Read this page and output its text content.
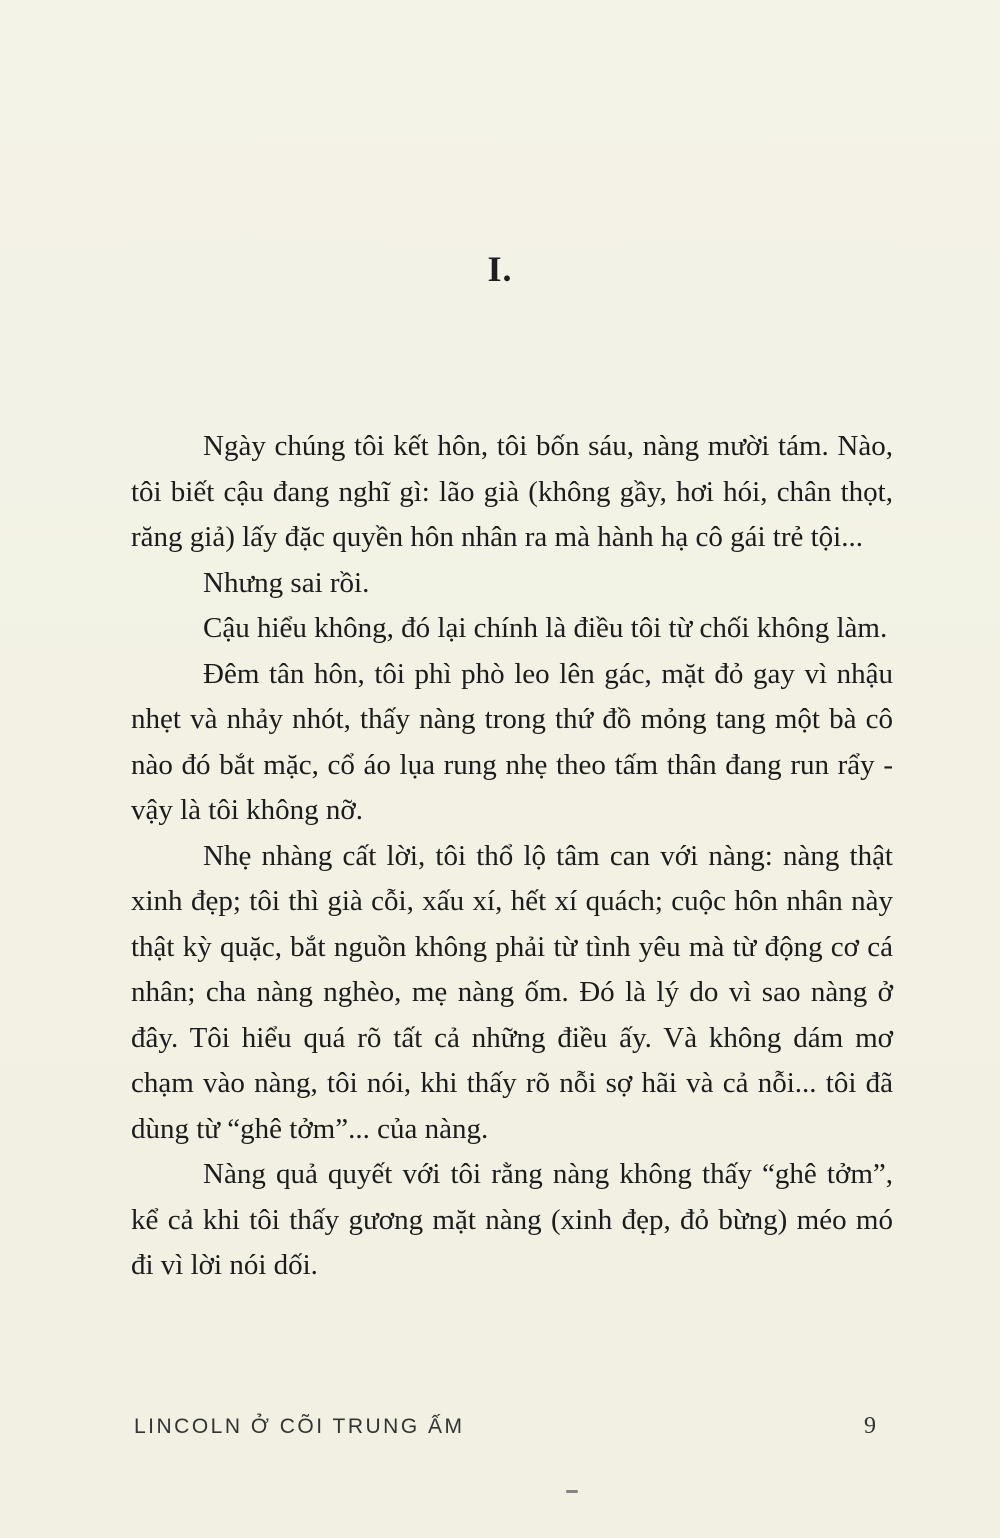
I.

Ngày chúng tôi kết hôn, tôi bốn sáu, nàng mười tám. Nào, tôi biết cậu đang nghĩ gì: lão già (không gầy, hơi hói, chân thọt, răng giả) lấy đặc quyền hôn nhân ra mà hành hạ cô gái trẻ tội...

Nhưng sai rồi.

Cậu hiểu không, đó lại chính là điều tôi từ chối không làm.

Đêm tân hôn, tôi phì phò leo lên gác, mặt đỏ gay vì nhậu nhẹt và nhảy nhót, thấy nàng trong thứ đồ mỏng tang một bà cô nào đó bắt mặc, cổ áo lụa rung nhẹ theo tấm thân đang run rẩy - vậy là tôi không nỡ.

Nhẹ nhàng cất lời, tôi thổ lộ tâm can với nàng: nàng thật xinh đẹp; tôi thì già cỗi, xấu xí, hết xí quách; cuộc hôn nhân này thật kỳ quặc, bắt nguồn không phải từ tình yêu mà từ động cơ cá nhân; cha nàng nghèo, mẹ nàng ốm. Đó là lý do vì sao nàng ở đây. Tôi hiểu quá rõ tất cả những điều ấy. Và không dám mơ chạm vào nàng, tôi nói, khi thấy rõ nỗi sợ hãi và cả nỗi... tôi đã dùng từ “ghê tởm”... của nàng.

Nàng quả quyết với tôi rằng nàng không thấy “ghê tởm”, kể cả khi tôi thấy gương mặt nàng (xinh đẹp, đỏ bừng) méo mó đi vì lời nói dối.

LINCOLN Ở CÕI TRUNG ẤM	9
